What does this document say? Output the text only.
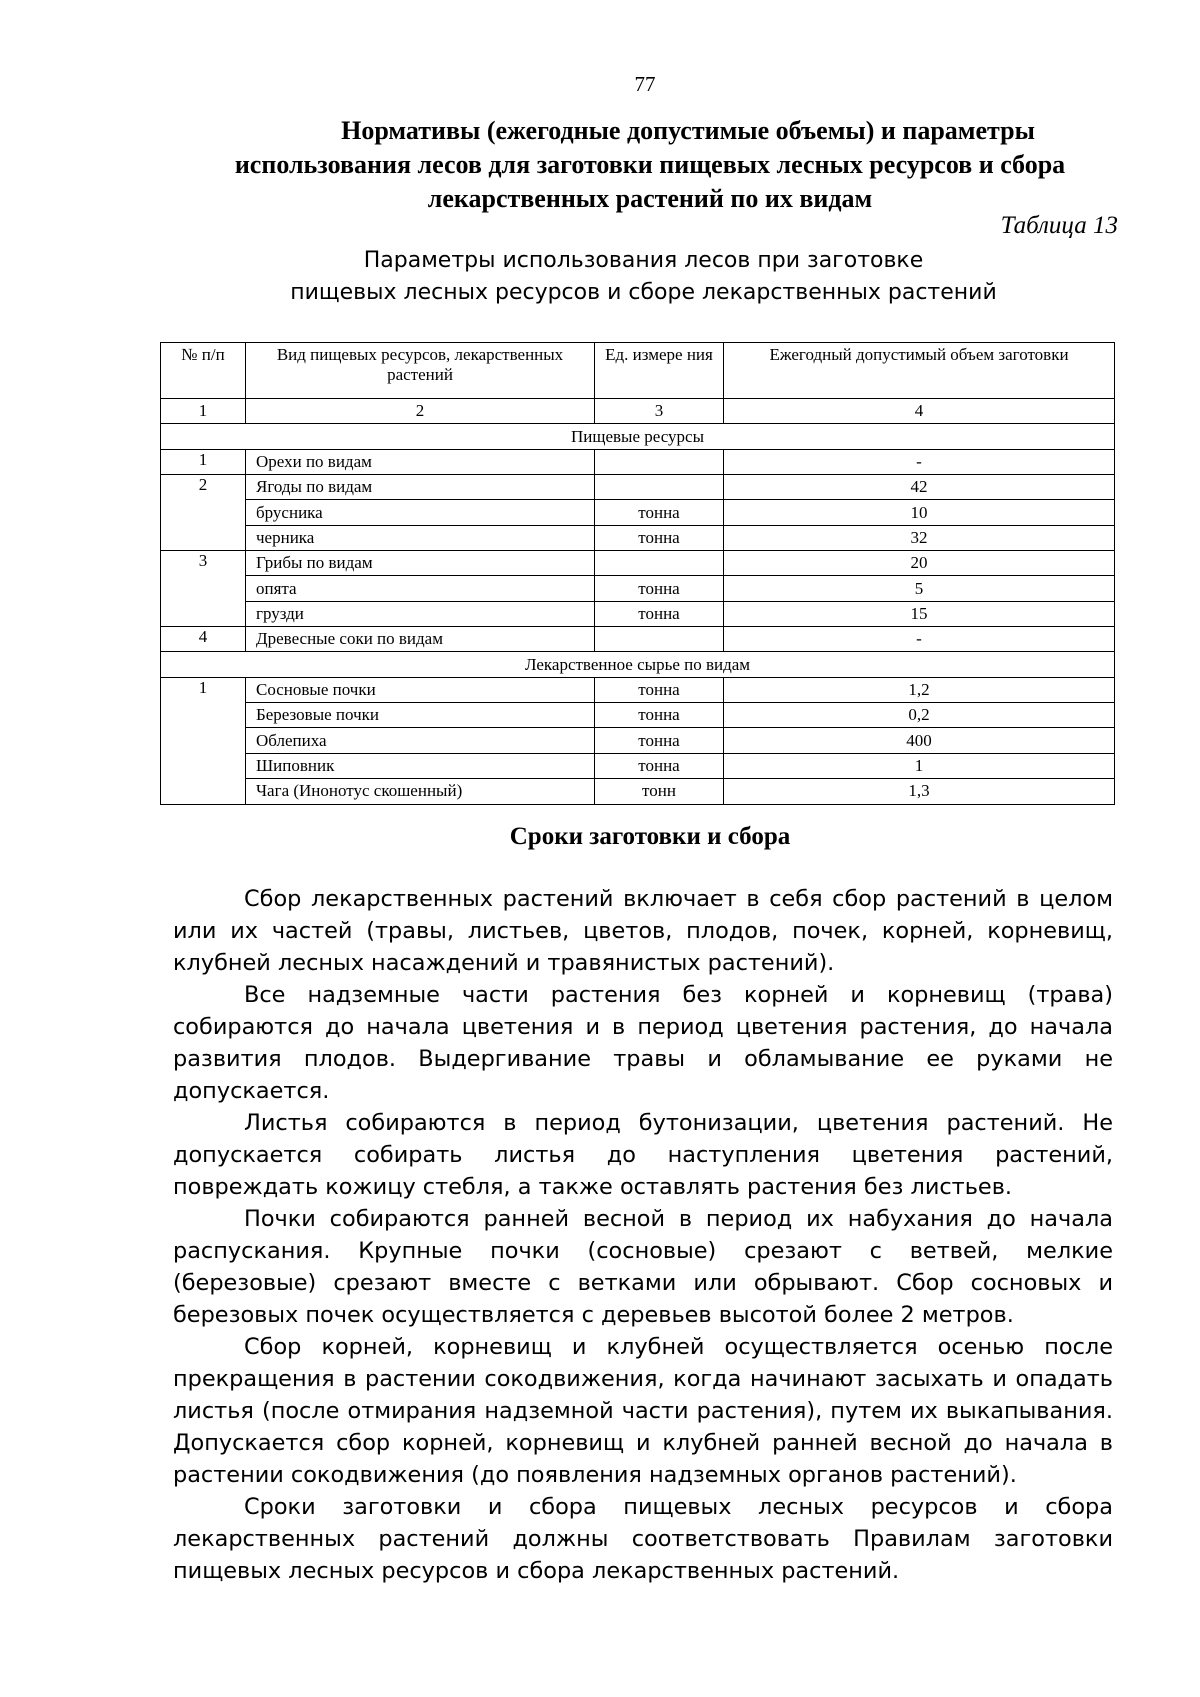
77
Нормативы (ежегодные допустимые объемы) и параметры
использования лесов для заготовки пищевых лесных ресурсов и сбора
лекарственных растений по их видам
Таблица 13
Параметры использования лесов при заготовке
пищевых лесных ресурсов и сборе лекарственных растений
№ п/п	Вид пищевых ресурсов, лекарственных растений	Ед. измере ния	Ежегодный допустимый объем заготовки
1	2	3	4
Пищевые ресурсы			
1	Орехи по видам		-
2	Ягоды по видам		42
	брусника	тонна	10
	черника	тонна	32
3	Грибы по видам		20
	опята	тонна	5
	грузди	тонна	15
4	Древесные соки по видам		-
Лекарственное сырье по видам			
1	Сосновые почки	тонна	1,2
	Березовые почки	тонна	0,2
	Облепиха	тонна	400
	Шиповник	тонна	1
	Чага (Инонотус скошенный)	тонн	1,3
Сроки заготовки и сбора

Сбор лекарственных растений включает в себя сбор растений в целом или их частей (травы, листьев, цветов, плодов, почек, корней, корневищ, клубней лесных насаждений и травянистых растений).

Все надземные части растения без корней и корневищ (трава) собираются до начала цветения и в период цветения растения, до начала развития плодов. Выдергивание травы и обламывание ее руками не допускается.

Листья собираются в период бутонизации, цветения растений. Не допускается собирать листья до наступления цветения растений, повреждать кожицу стебля, а также оставлять растения без листьев.

Почки собираются ранней весной в период их набухания до начала распускания. Крупные почки (сосновые) срезают с ветвей, мелкие (березовые) срезают вместе с ветками или обрывают. Сбор сосновых и березовых почек осуществляется с деревьев высотой более 2 метров.

Сбор корней, корневищ и клубней осуществляется осенью после прекращения в растении сокодвижения, когда начинают засыхать и опадать листья (после отмирания надземной части растения), путем их выкапывания. Допускается сбор корней, корневищ и клубней ранней весной до начала в растении сокодвижения (до появления надземных органов растений).

Сроки заготовки и сбора пищевых лесных ресурсов и сбора лекарственных растений должны соответствовать Правилам заготовки пищевых лесных ресурсов и сбора лекарственных растений.
